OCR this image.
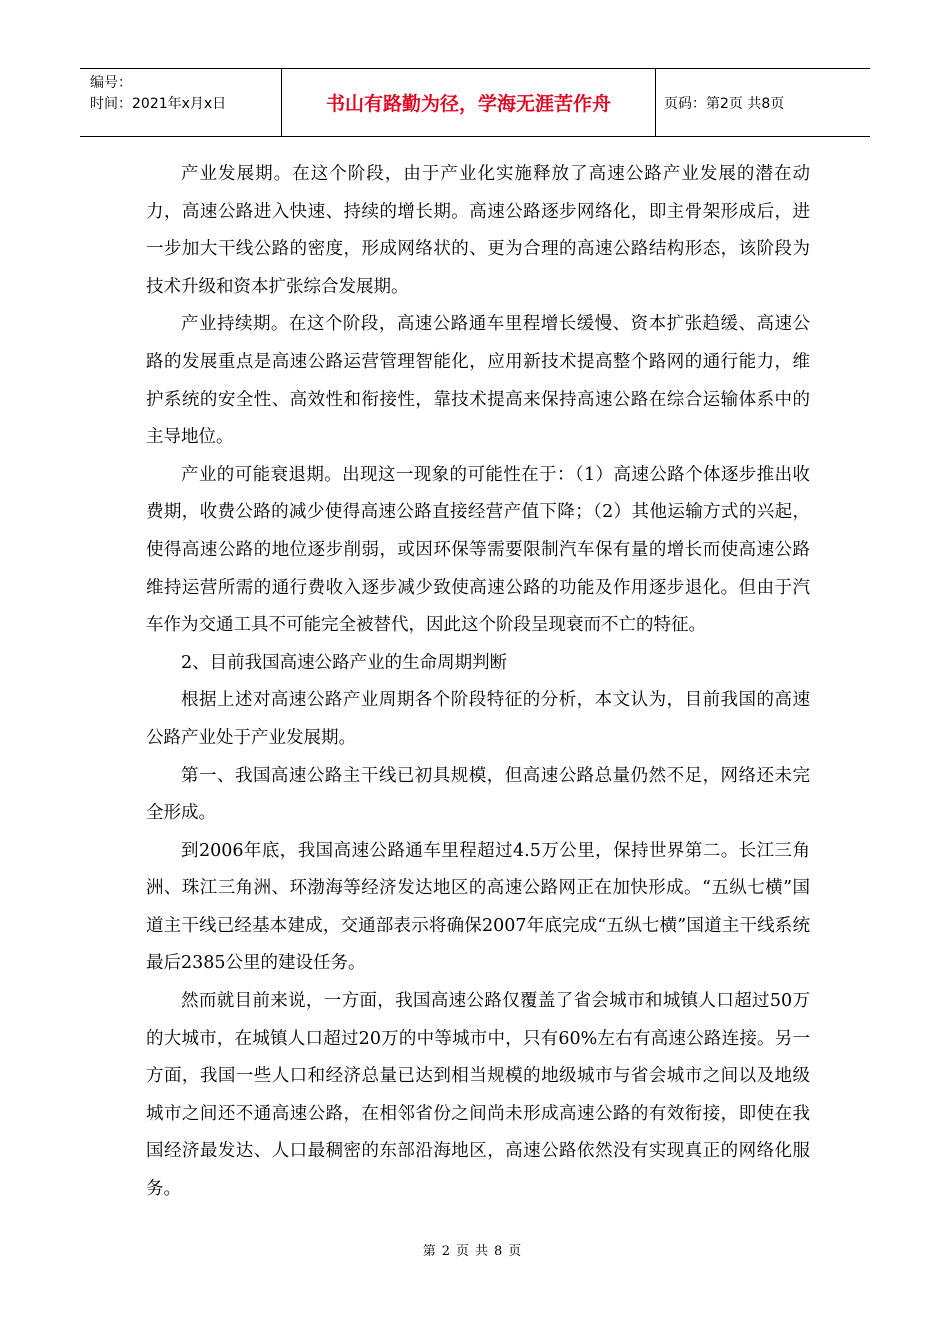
编号：
时间：2021年x月x日	书山有路勤为径，学海无涯苦作舟	页码：第2页 共8页

产业发展期。在这个阶段，由于产业化实施释放了高速公路产业发展的潜在动力，高速公路进入快速、持续的增长期。高速公路逐步网络化，即主骨架形成后，进一步加大干线公路的密度，形成网络状的、更为合理的高速公路结构形态，该阶段为技术升级和资本扩张综合发展期。

产业持续期。在这个阶段，高速公路通车里程增长缓慢、资本扩张趋缓、高速公路的发展重点是高速公路运营管理智能化，应用新技术提高整个路网的通行能力，维护系统的安全性、高效性和衔接性，靠技术提高来保持高速公路在综合运输体系中的主导地位。

产业的可能衰退期。出现这一现象的可能性在于：（1）高速公路个体逐步推出收费期，收费公路的减少使得高速公路直接经营产值下降；（2）其他运输方式的兴起，使得高速公路的地位逐步削弱，或因环保等需要限制汽车保有量的增长而使高速公路维持运营所需的通行费收入逐步减少致使高速公路的功能及作用逐步退化。但由于汽车作为交通工具不可能完全被替代，因此这个阶段呈现衰而不亡的特征。

2、目前我国高速公路产业的生命周期判断

根据上述对高速公路产业周期各个阶段特征的分析，本文认为，目前我国的高速公路产业处于产业发展期。

第一、我国高速公路主干线已初具规模，但高速公路总量仍然不足，网络还未完全形成。

到2006年底，我国高速公路通车里程超过4.5万公里，保持世界第二。长江三角洲、珠江三角洲、环渤海等经济发达地区的高速公路网正在加快形成。“五纵七横”国道主干线已经基本建成，交通部表示将确保2007年底完成“五纵七横”国道主干线系统最后2385公里的建设任务。

然而就目前来说，一方面，我国高速公路仅覆盖了省会城市和城镇人口超过50万的大城市，在城镇人口超过20万的中等城市中，只有60%左右有高速公路连接。另一方面，我国一些人口和经济总量已达到相当规模的地级城市与省会城市之间以及地级城市之间还不通高速公路，在相邻省份之间尚未形成高速公路的有效衔接，即使在我国经济最发达、人口最稠密的东部沿海地区，高速公路依然没有实现真正的网络化服务。

第2页共8页
